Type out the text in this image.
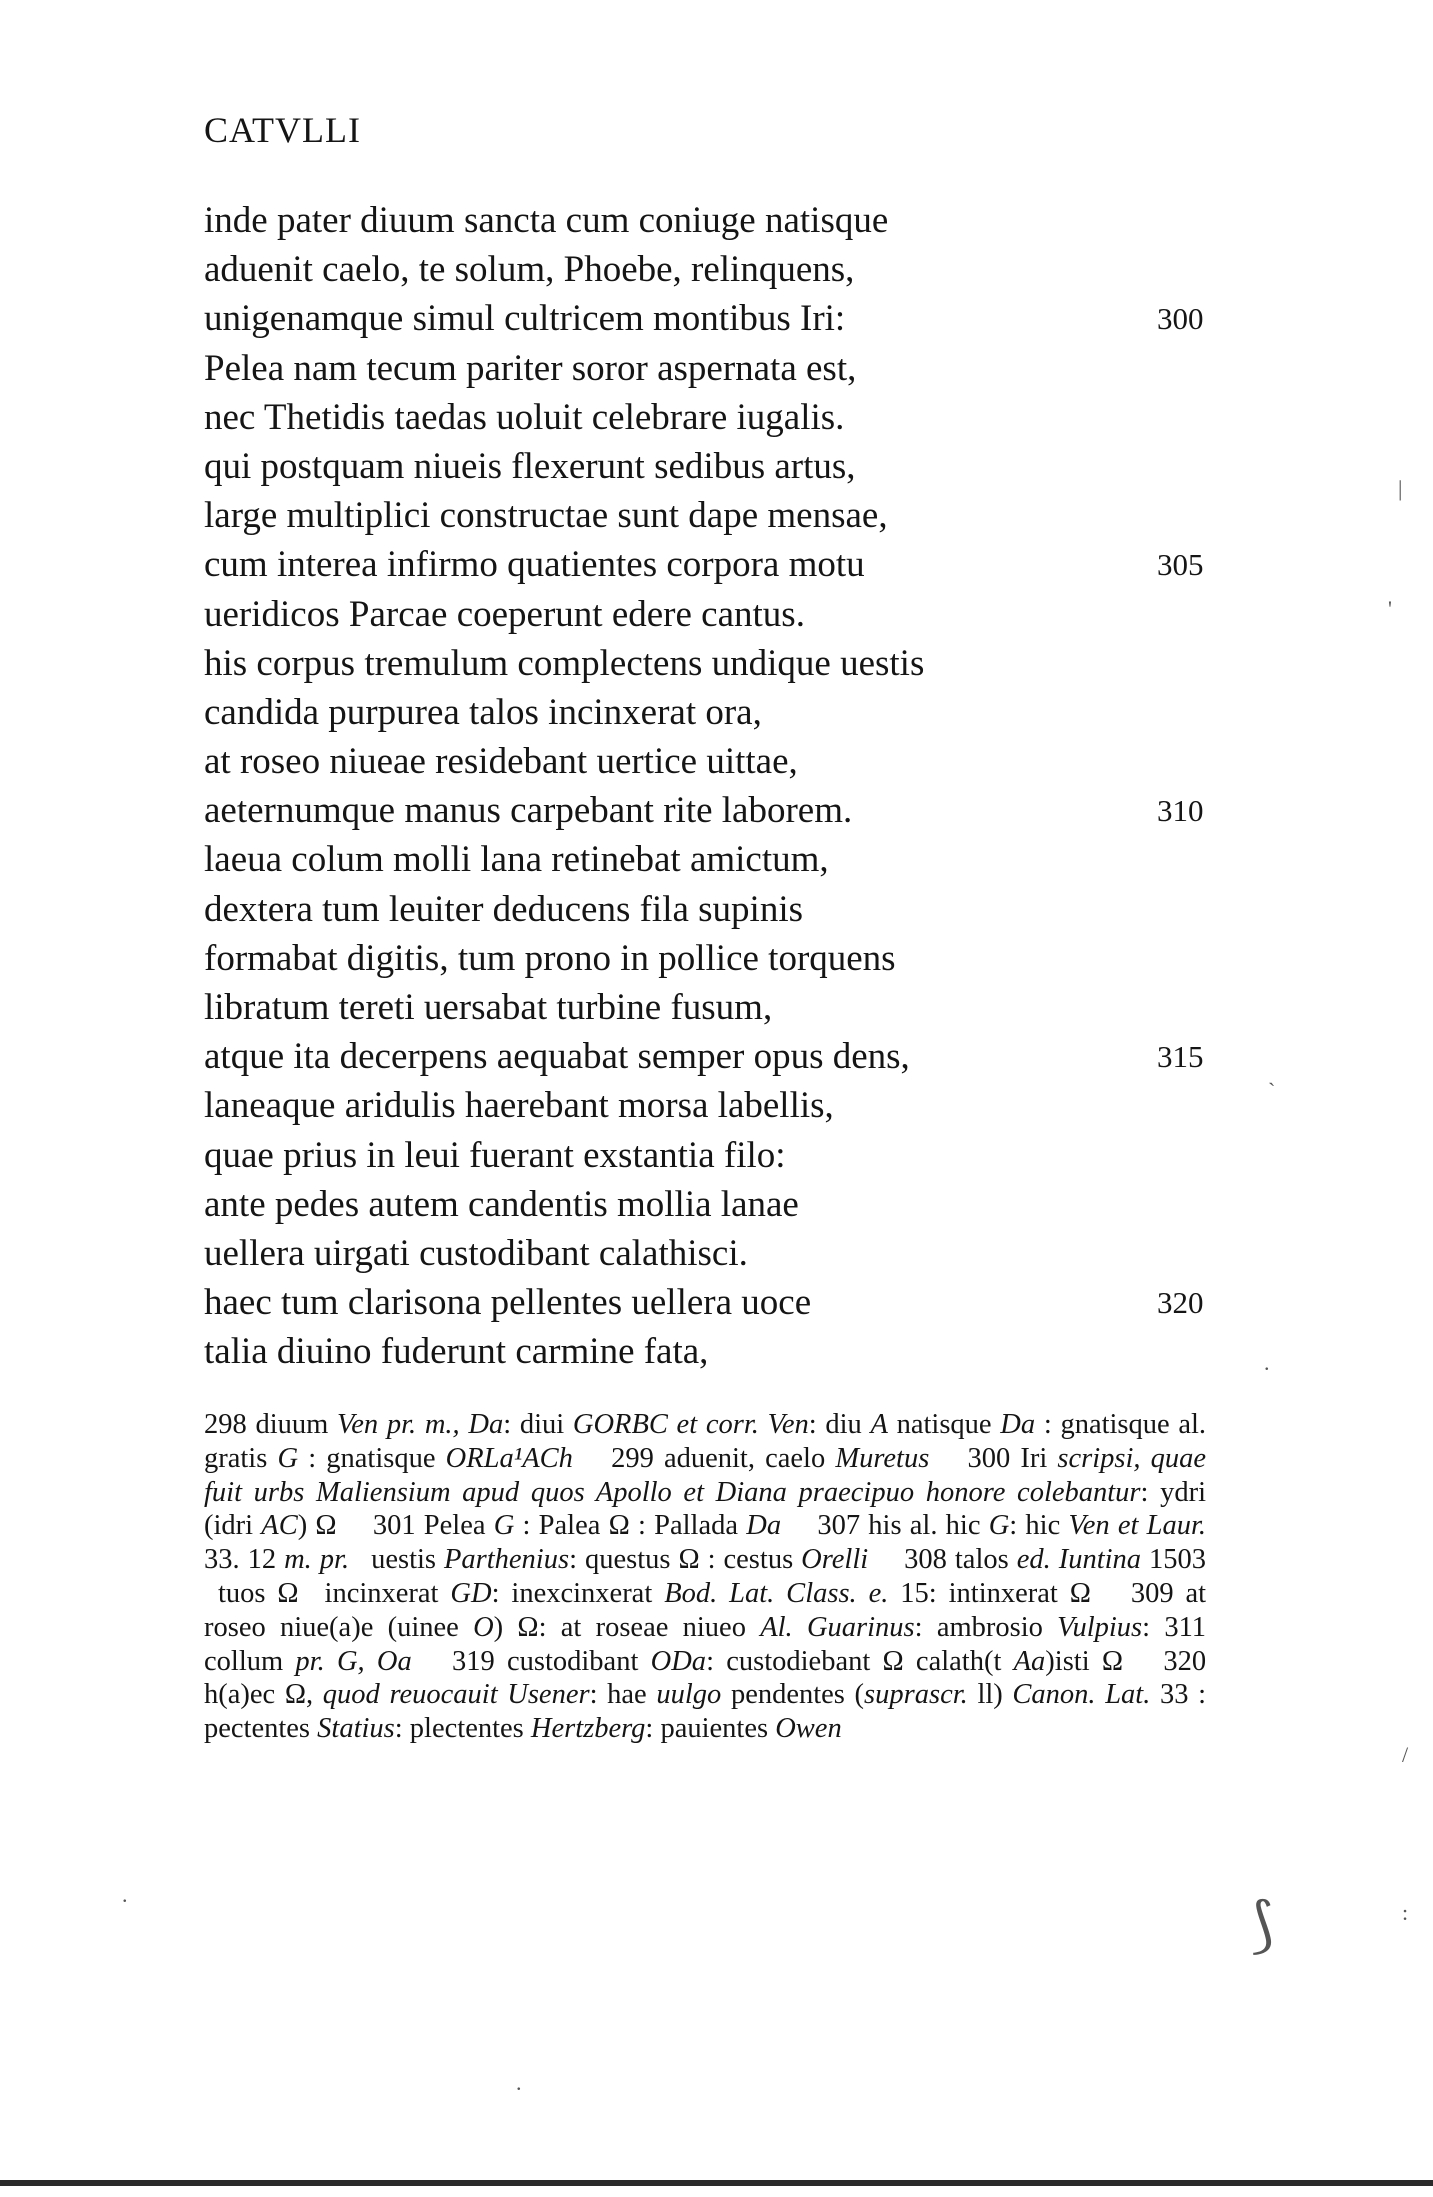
CATVLLI
inde pater diuum sancta cum coniuge natisque
aduenit caelo, te solum, Phoebe, relinquens,
unigenamque simul cultricem montibus Iri:	300
Pelea nam tecum pariter soror aspernata est,
nec Thetidis taedas uoluit celebrare iugalis.
qui postquam niueis flexerunt sedibus artus,
large multiplici constructae sunt dape mensae,
cum interea infirmo quatientes corpora motu	305
ueridicos Parcae coeperunt edere cantus.
his corpus tremulum complectens undique uestis
candida purpurea talos incinxerat ora,
at roseo niueae residebant uertice uittae,
aeternumque manus carpebant rite laborem.	310
laeua colum molli lana retinebat amictum,
dextera tum leuiter deducens fila supinis
formabat digitis, tum prono in pollice torquens
libratum tereti uersabat turbine fusum,
atque ita decerpens aequabat semper opus dens,	315
laneaque aridulis haerebant morsa labellis,
quae prius in leui fuerant exstantia filo:
ante pedes autem candentis mollia lanae
uellera uirgati custodibant calathisci.
haec tum clarisona pellentes uellera uoce	320
talia diuino fuderunt carmine fata,
298 diuum Ven pr. m., Da: diui GORBC et corr. Ven: diu A natisque Da : gnatisque al. gratis G : gnatisque ORLa¹ACh 299 aduenit, caelo Muretus 300 Iri scripsi, quae fuit urbs Maliensium apud quos Apollo et Diana praecipuo honore colebantur: ydri (idri AC) Ω 301 Pelea G : Palea Ω : Pallada Da 307 his al. hic G: hic Ven et Laur. 33. 12 m. pr. uestis Parthenius: questus Ω : cestus Orelli 308 talos ed. Iuntina 1503 tuos Ω incinxerat GD: inexcinxerat Bod. Lat. Class. e. 15: intinxerat Ω 309 at roseo niue(a)e (uinee O) Ω: at roseae niueo Al. Guarinus: ambrosio Vulpius: 311 collum pr. G, Oa 319 custodibant ODa: custodiebant Ω calath(t Aa)isti Ω 320 h(a)ec Ω, quod reuocauit Usener: hae uulgo pendentes (suprascr. ll) Canon. Lat. 33 : pectentes Statius: plectentes Hertzberg: pauientes Owen
|
'
`
.
/
⟆	:
.
.
